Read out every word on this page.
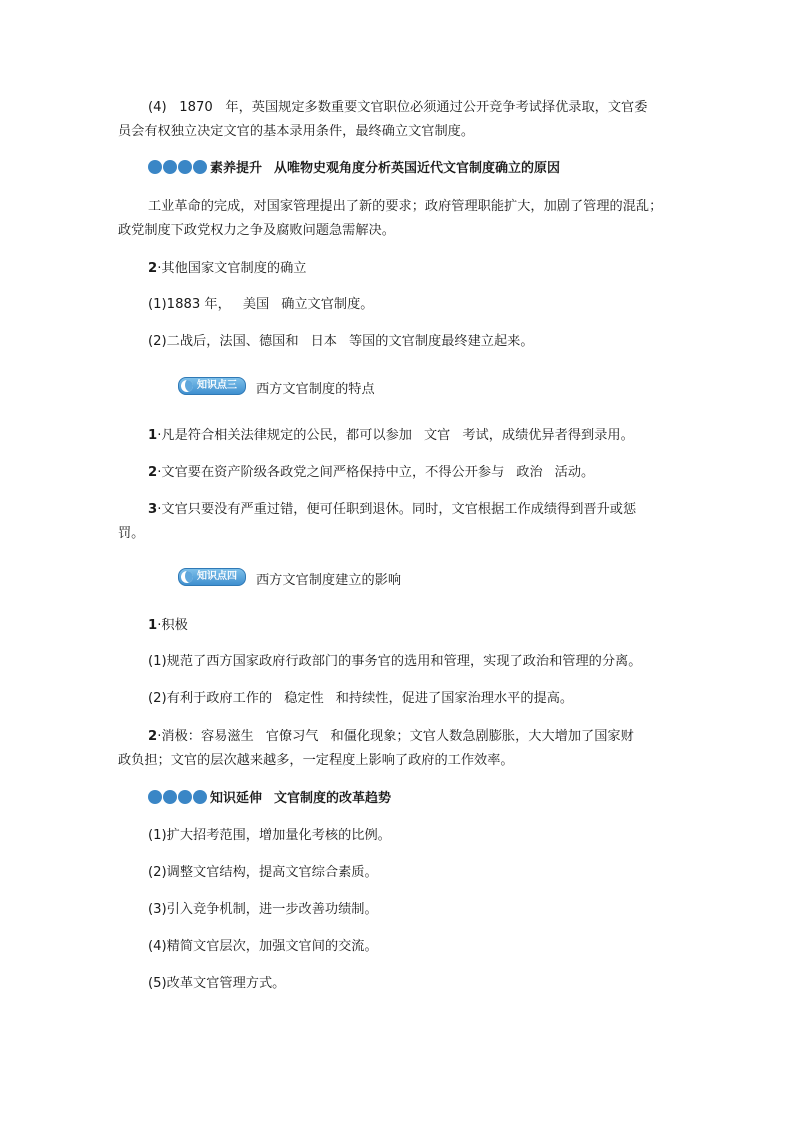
(4)   1870   年，英国规定多数重要文官职位必须通过公开竞争考试择优录取，文官委
员会有权独立决定文官的基本录用条件，最终确立文官制度。
素养提升 从唯物史观角度分析英国近代文官制度确立的原因
工业革命的完成，对国家管理提出了新的要求；政府管理职能扩大，加剧了管理的混乱；
政党制度下政党权力之争及腐败问题急需解决。
2·其他国家文官制度的确立
(1)1883 年， 美国 确立文官制度。
(2)二战后，法国、德国和 日本 等国的文官制度最终建立起来。
知识点三 西方文官制度的特点
1·凡是符合相关法律规定的公民，都可以参加 文官 考试，成绩优异者得到录用。
2·文官要在资产阶级各政党之间严格保持中立，不得公开参与 政治 活动。
3·文官只要没有严重过错，便可任职到退休。同时，文官根据工作成绩得到晋升或惩
罚。
知识点四 西方文官制度建立的影响
1·积极
(1)规范了西方国家政府行政部门的事务官的选用和管理，实现了政治和管理的分离。
(2)有利于政府工作的 稳定性 和持续性，促进了国家治理水平的提高。
2·消极：容易滋生 官僚习气 和僵化现象；文官人数急剧膨胀，大大增加了国家财
政负担；文官的层次越来越多，一定程度上影响了政府的工作效率。
知识延伸 文官制度的改革趋势
(1)扩大招考范围，增加量化考核的比例。
(2)调整文官结构，提高文官综合素质。
(3)引入竞争机制，进一步改善功绩制。
(4)精简文官层次，加强文官间的交流。
(5)改革文官管理方式。
